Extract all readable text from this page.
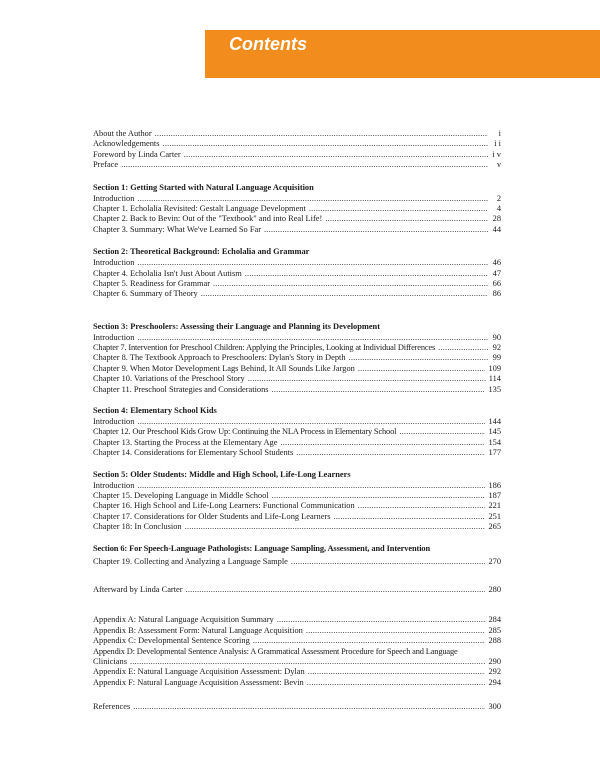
Contents
About the Author .....	i
Acknowledgements .....	i i
Foreword by Linda Carter .....	i v
Preface .....	v
Section 1: Getting Started with Natural Language Acquisition
Introduction .....	2
Chapter 1. Echolalia Revisited: Gestalt Language Development .....	4
Chapter 2. Back to Bevin: Out of the "Textbook" and into Real Life! .....	28
Chapter 3. Summary: What We've Learned So Far .....	44
Section 2: Theoretical Background: Echolalia and Grammar
Introduction .....	46
Chapter 4. Echolalia Isn't Just About Autism .....	47
Chapter 5. Readiness for Grammar .....	66
Chapter 6. Summary of Theory .....	86
Section 3: Preschoolers: Assessing their Language and Planning its Development
Introduction .....	90
Chapter 7. Intervention for Preschool Children: Applying the Principles, Looking at Individual Differences .....	92
Chapter 8. The Textbook Approach to Preschoolers: Dylan's Story in Depth .....	99
Chapter 9. When Motor Development Lags Behind, It All Sounds Like Jargon .....	109
Chapter 10. Variations of the Preschool Story .....	114
Chapter 11. Preschool Strategies and Considerations .....	135
Section 4: Elementary School Kids
Introduction .....	144
Chapter 12. Our Preschool Kids Grow Up: Continuing the NLA Process in Elementary School .....	145
Chapter 13. Starting the Process at the Elementary Age .....	154
Chapter 14. Considerations for Elementary School Students .....	177
Section 5: Older Students: Middle and High School, Life-Long Learners
Introduction .....	186
Chapter 15. Developing Language in Middle School .....	187
Chapter 16. High School and Life-Long Learners: Functional Communication .....	221
Chapter 17. Considerations for Older Students and Life-Long Learners .....	251
Chapter 18: In Conclusion .....	265
Section 6: For Speech-Language Pathologists: Language Sampling, Assessment, and Intervention
Chapter 19. Collecting and Analyzing a Language Sample .....	270
Afterward by Linda Carter .....	280
Appendix A: Natural Language Acquisition Summary .....	284
Appendix B: Assessment Form: Natural Language Acquisition .....	285
Appendix C: Developmental Sentence Scoring .....	288
Appendix D: Developmental Sentence Analysis: A Grammatical Assessment Procedure for Speech and Language
Clinicians .....	290
Appendix E: Natural Language Acquisition Assessment: Dylan .....	292
Appendix F: Natural Language Acquisition Assessment: Bevin .....	294
References .....	300
